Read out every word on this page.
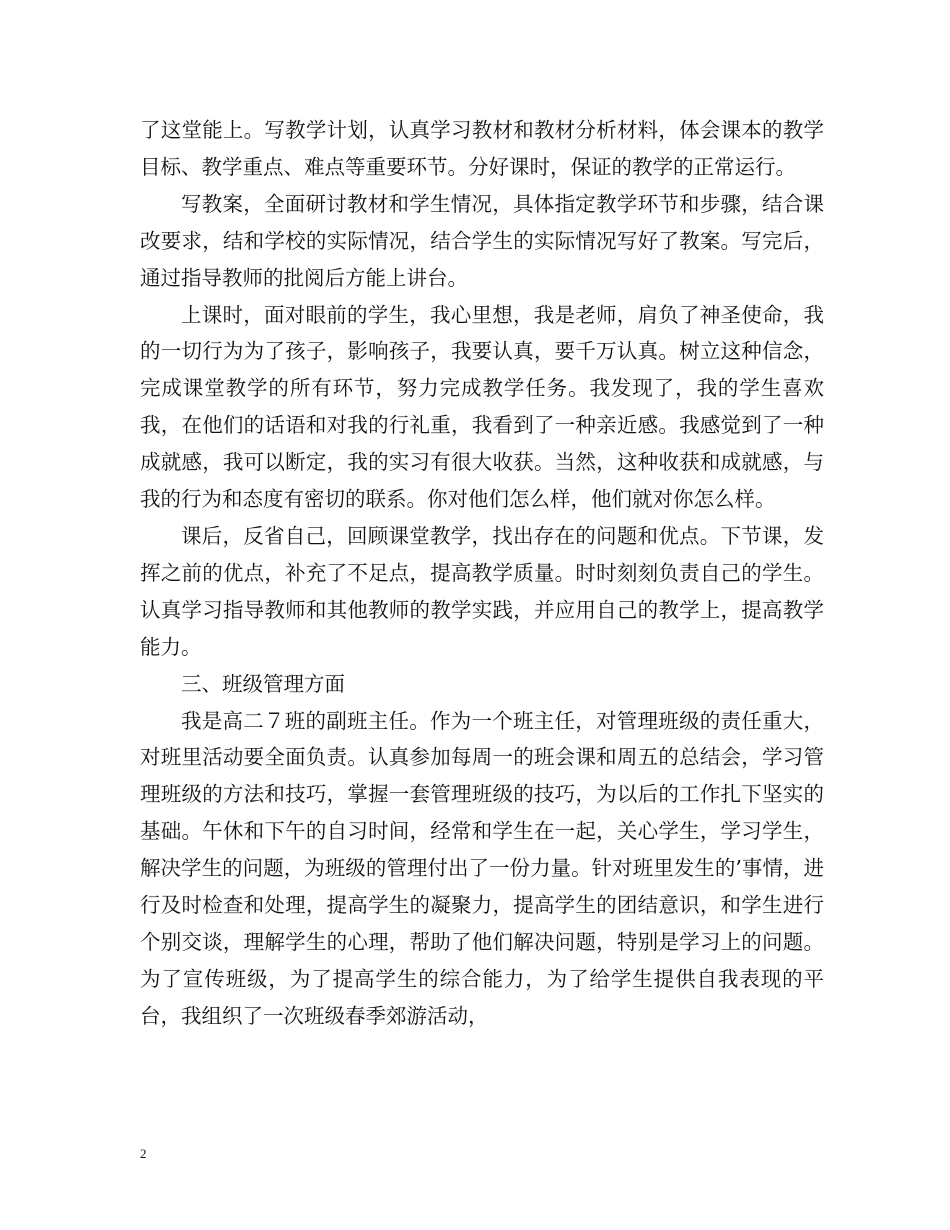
了这堂能上。写教学计划，认真学习教材和教材分析材料，体会课本的教学目标、教学重点、难点等重要环节。分好课时，保证的教学的正常运行。

写教案，全面研讨教材和学生情况，具体指定教学环节和步骤，结合课改要求，结和学校的实际情况，结合学生的实际情况写好了教案。写完后，通过指导教师的批阅后方能上讲台。

上课时，面对眼前的学生，我心里想，我是老师，肩负了神圣使命，我的一切行为为了孩子，影响孩子，我要认真，要千万认真。树立这种信念，完成课堂教学的所有环节，努力完成教学任务。我发现了，我的学生喜欢我，在他们的话语和对我的行礼重，我看到了一种亲近感。我感觉到了一种成就感，我可以断定，我的实习有很大收获。当然，这种收获和成就感，与我的行为和态度有密切的联系。你对他们怎么样，他们就对你怎么样。

课后，反省自己，回顾课堂教学，找出存在的问题和优点。下节课，发挥之前的优点，补充了不足点，提高教学质量。时时刻刻负责自己的学生。认真学习指导教师和其他教师的教学实践，并应用自己的教学上，提高教学能力。

三、班级管理方面

我是高二７班的副班主任。作为一个班主任，对管理班级的责任重大，对班里活动要全面负责。认真参加每周一的班会课和周五的总结会，学习管理班级的方法和技巧，掌握一套管理班级的技巧，为以后的工作扎下坚实的基础。午休和下午的自习时间，经常和学生在一起，关心学生，学习学生，解决学生的问题，为班级的管理付出了一份力量。针对班里发生的’事情，进行及时检查和处理，提高学生的凝聚力，提高学生的团结意识，和学生进行个别交谈，理解学生的心理，帮助了他们解决问题，特别是学习上的问题。为了宣传班级，为了提高学生的综合能力，为了给学生提供自我表现的平台，我组织了一次班级春季郊游活动，

2
